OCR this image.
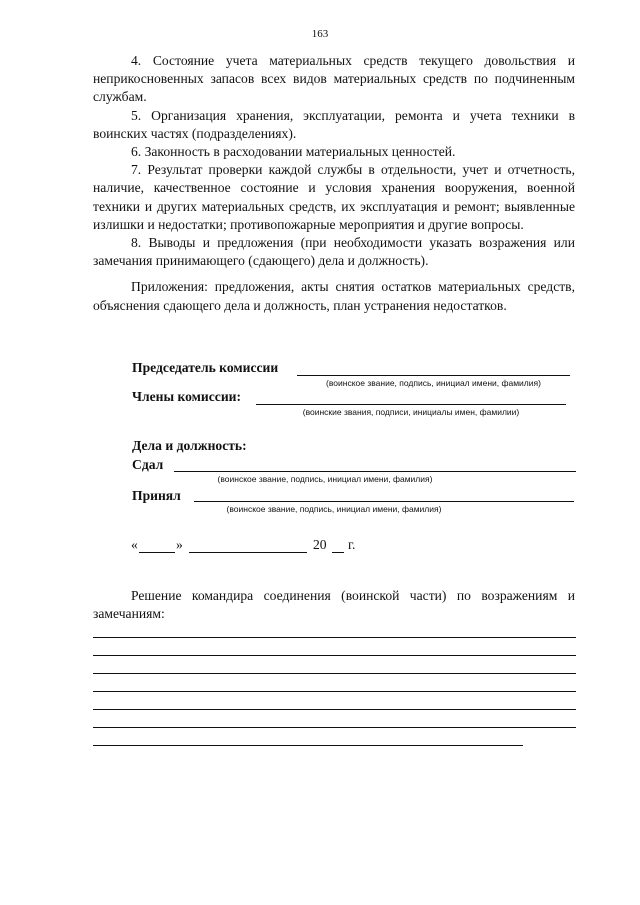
163

4. Состояние учета материальных средств текущего довольствия и неприкосновенных запасов всех видов материальных средств по подчиненным службам.

5. Организация хранения, эксплуатации, ремонта и учета техники в воинских частях (подразделениях).

6. Законность в расходовании материальных ценностей.

7. Результат проверки каждой службы в отдельности, учет и отчетность, наличие, качественное состояние и условия хранения вооружения, военной техники и других материальных средств, их эксплуатация и ремонт; выявленные излишки и недостатки; противопожарные мероприятия и другие вопросы.

8. Выводы и предложения (при необходимости указать возражения или замечания принимающего (сдающего) дела и должность).

Приложения: предложения, акты снятия остатков материальных средств, объяснения сдающего дела и должность, план устранения недостатков.

Председатель комиссии
(воинское звание, подпись, инициал имени, фамилия)
Члены комиссии:
(воинские звания, подписи, инициалы имен, фамилии)
Дела и должность:
Сдал
(воинское звание, подпись, инициал имени, фамилия)
Принял
(воинское звание, подпись, инициал имени, фамилия)
«	»	20 г.

Решение командира соединения (воинской части) по возражениям и замечаниям:
